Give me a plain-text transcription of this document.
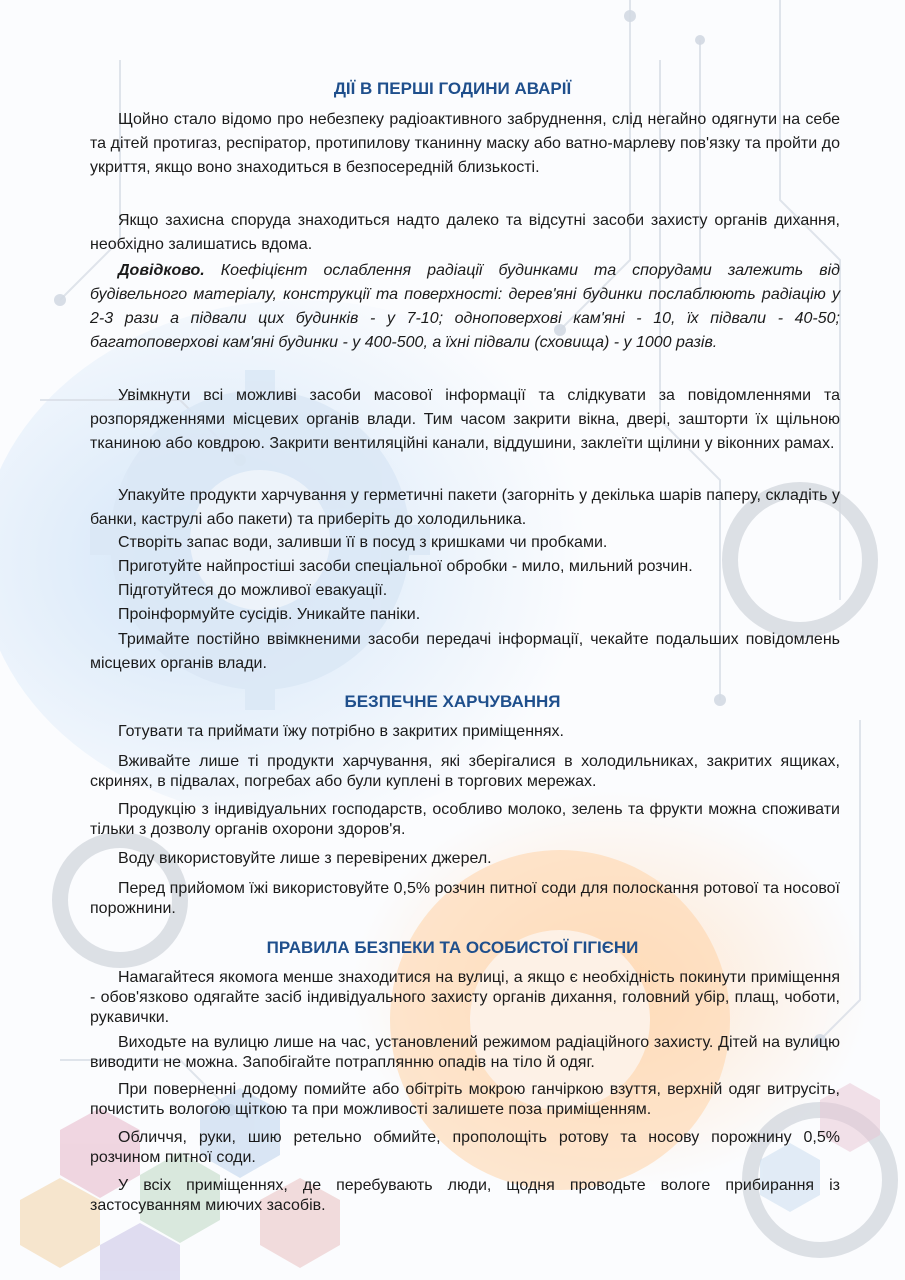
ДІЇ В ПЕРШІ ГОДИНИ АВАРІЇ

Щойно стало відомо про небезпеку радіоактивного забруднення, слід негайно одягнути на себе та дітей протигаз, респіратор, протипилову тканинну маску або ватно-марлеву пов'язку та пройти до укриття, якщо воно знаходиться в безпосередній близькості.

Якщо захисна споруда знаходиться надто далеко та відсутні засоби захисту органів дихання, необхідно залишатись вдома.

Довідково. Коефіцієнт ослаблення радіації будинками та спорудами залежить від будівельного матеріалу, конструкції та поверхності: дерев'яні будинки послаблюють радіацію у 2-3 рази а підвали цих будинків - у 7-10; одноповерхові кам'яні - 10, їх підвали - 40-50; багатоповерхові кам'яні будинки - у 400-500, а їхні підвали (сховища) - у 1000 разів.

Увімкнути всі можливі засоби масової інформації та слідкувати за повідомленнями та розпорядженнями місцевих органів влади. Тим часом закрити вікна, двері, зашторти їх щільною тканиною або ковдрою. Закрити вентиляційні канали, віддушини, заклеїти щілини у віконних рамах.

Упакуйте продукти харчування у герметичні пакети (загорніть у декілька шарів паперу, складіть у банки, каструлі або пакети) та приберіть до холодильника.

Створіть запас води, заливши її в посуд з кришками чи пробками.

Приготуйте найпростіші засоби спеціальної обробки - мило, мильний розчин.

Підготуйтеся до можливої евакуації.

Проінформуйте сусідів. Уникайте паніки.

Тримайте постійно ввімкненими засоби передачі інформації, чекайте подальших повідомлень місцевих органів влади.

БЕЗПЕЧНЕ ХАРЧУВАННЯ

Готувати та приймати їжу потрібно в закритих приміщеннях.

Вживайте лише ті продукти харчування, які зберігалися в холодильниках, закритих ящиках, скринях, в підвалах, погребах або були куплені в торгових мережах.

Продукцію з індивідуальних господарств, особливо молоко, зелень та фрукти можна споживати тільки з дозволу органів охорони здоров'я.

Воду використовуйте лише з перевірених джерел.

Перед прийомом їжі використовуйте 0,5% розчин питної соди для полоскання ротової та носової порожнини.

ПРАВИЛА БЕЗПЕКИ ТА ОСОБИСТОЇ ГІГІЄНИ

Намагайтеся якомога менше знаходитися на вулиці, а якщо є необхідність покинути приміщення - обов'язково одягайте засіб індивідуального захисту органів дихання, головний убір, плащ, чоботи, рукавички.

Виходьте на вулицю лише на час, установлений режимом радіаційного захисту. Дітей на вулицю виводити не можна. Запобігайте потраплянню опадів на тіло й одяг.

При поверненні додому помийте або обітріть мокрою ганчіркою взуття, верхній одяг витрусіть, почистить вологою щіткою та при можливості залишете поза приміщенням.

Обличчя, руки, шию ретельно обмийте, прополощіть ротову та носову порожнину 0,5% розчином питної соди.

У всіх приміщеннях, де перебувають люди, щодня проводьте вологе прибирання із застосуванням миючих засобів.
